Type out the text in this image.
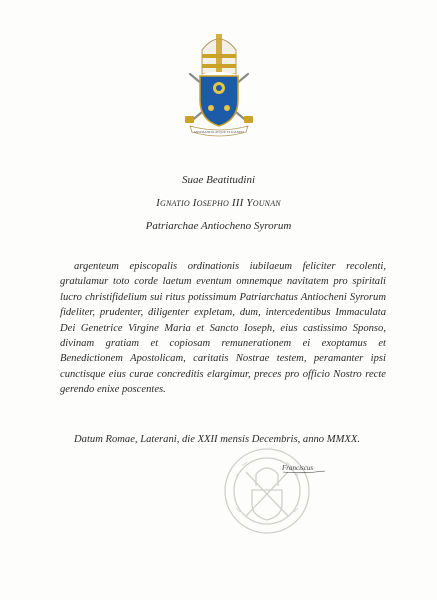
MISERANDO ATQUE ELIGENDO
Suae Beatitudini
Ignatio Iosepho III Younan
Patriarchae Antiocheno Syrorum

argenteum episcopalis ordinationis iubilaeum feliciter recolenti, gratulamur toto corde laetum eventum omnemque navitatem pro spiritali lucro christifidelium sui ritus potissimum Patriarchatus Antiocheni Syrorum fideliter, prudenter, diligenter expletam, dum, intercedentibus Immaculata Dei Genetrice Virgine Maria et Sancto Ioseph, eius castissimo Sponso, divinam gratiam et copiosam remunerationem ei exoptamus et Benedictionem Apostolicam, caritatis Nostrae testem, peramanter ipsi cunctisque eius curae concreditis elargimur, preces pro officio Nostro recte gerendo enixe poscentes.

Datum Romae, Laterani, die XXII mensis Decembris, anno MMXX.

Franciscus
